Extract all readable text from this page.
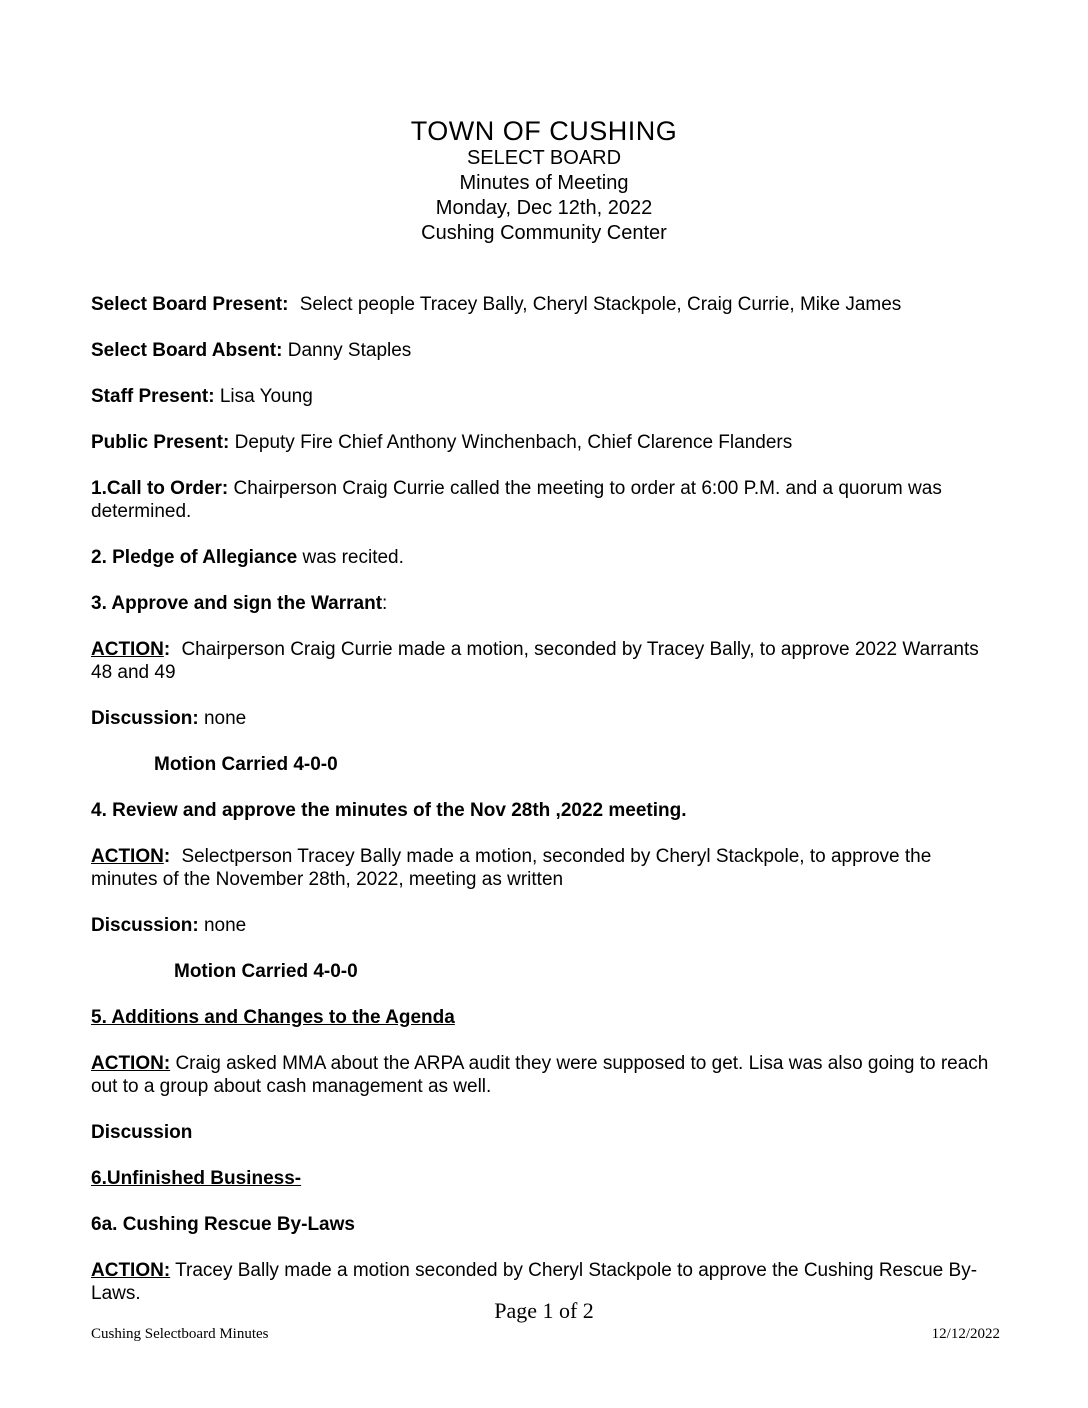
TOWN OF CUSHING
SELECT BOARD
Minutes of Meeting
Monday, Dec 12th, 2022
Cushing Community Center

Select Board Present: Select people Tracey Bally, Cheryl Stackpole, Craig Currie, Mike James

Select Board Absent: Danny Staples

Staff Present: Lisa Young

Public Present: Deputy Fire Chief Anthony Winchenbach, Chief Clarence Flanders

1.Call to Order: Chairperson Craig Currie called the meeting to order at 6:00 P.M. and a quorum was determined.

2. Pledge of Allegiance was recited.

3. Approve and sign the Warrant:

ACTION: Chairperson Craig Currie made a motion, seconded by Tracey Bally, to approve 2022 Warrants 48 and 49

Discussion: none

Motion Carried 4-0-0

4. Review and approve the minutes of the Nov 28th ,2022 meeting.

ACTION: Selectperson Tracey Bally made a motion, seconded by Cheryl Stackpole, to approve the minutes of the November 28th, 2022, meeting as written

Discussion: none

Motion Carried 4-0-0

5. Additions and Changes to the Agenda

ACTION: Craig asked MMA about the ARPA audit they were supposed to get. Lisa was also going to reach out to a group about cash management as well.

Discussion

6.Unfinished Business-

6a. Cushing Rescue By-Laws

ACTION: Tracey Bally made a motion seconded by Cheryl Stackpole to approve the Cushing Rescue By-Laws.

Page 1 of 2
Cushing Selectboard Minutes	12/12/2022
